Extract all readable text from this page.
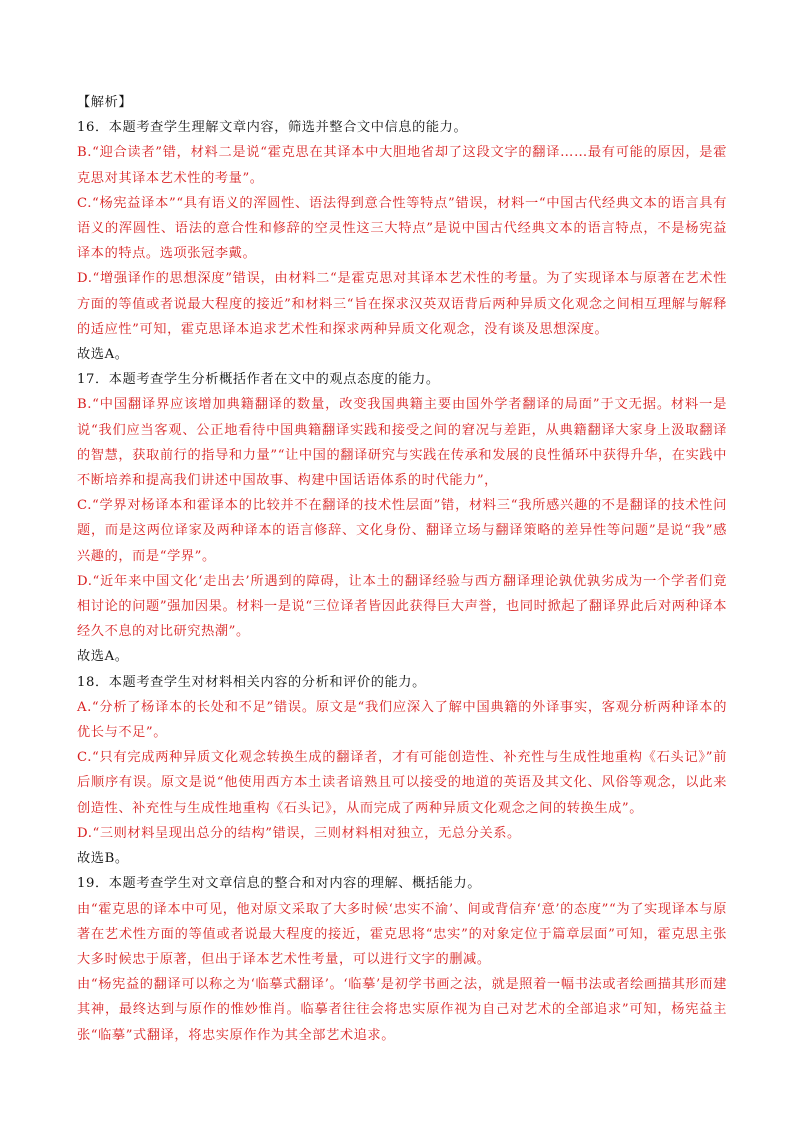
【解析】

16．本题考查学生理解文章内容，筛选并整合文中信息的能力。

B.“迎合读者”错，材料二是说“霍克思在其译本中大胆地省却了这段文字的翻译……最有可能的原因，是霍克思对其译本艺术性的考量”。

C.“杨宪益译本”“具有语义的浑圆性、语法得到意合性等特点”错误，材料一“中国古代经典文本的语言具有语义的浑圆性、语法的意合性和修辞的空灵性这三大特点”是说中国古代经典文本的语言特点，不是杨宪益译本的特点。选项张冠李戴。

D.“增强译作的思想深度”错误，由材料二“是霍克思对其译本艺术性的考量。为了实现译本与原著在艺术性方面的等值或者说最大程度的接近”和材料三“旨在探求汉英双语背后两种异质文化观念之间相互理解与解释的适应性”可知，霍克思译本追求艺术性和探求两种异质文化观念，没有谈及思想深度。

故选A。

17．本题考查学生分析概括作者在文中的观点态度的能力。

B.“中国翻译界应该增加典籍翻译的数量，改变我国典籍主要由国外学者翻译的局面”于文无据。材料一是说“我们应当客观、公正地看待中国典籍翻译实践和接受之间的窘况与差距，从典籍翻译大家身上汲取翻译的智慧，获取前行的指导和力量”“让中国的翻译研究与实践在传承和发展的良性循环中获得升华，在实践中不断培养和提高我们讲述中国故事、构建中国话语体系的时代能力”，

C.“学界对杨译本和霍译本的比较并不在翻译的技术性层面”错，材料三“我所感兴趣的不是翻译的技术性问题，而是这两位译家及两种译本的语言修辞、文化身份、翻译立场与翻译策略的差异性等问题”是说“我”感兴趣的，而是“学界”。

D.“近年来中国文化‘走出去’所遇到的障碍，让本土的翻译经验与西方翻译理论孰优孰劣成为一个学者们竟相讨论的问题”强加因果。材料一是说“三位译者皆因此获得巨大声誉，也同时掀起了翻译界此后对两种译本经久不息的对比研究热潮”。

故选A。

18．本题考查学生对材料相关内容的分析和评价的能力。

A.“分析了杨译本的长处和不足”错误。原文是“我们应深入了解中国典籍的外译事实，客观分析两种译本的优长与不足”。

C.“只有完成两种异质文化观念转换生成的翻译者，才有可能创造性、补充性与生成性地重构《石头记》”前后顺序有误。原文是说“他使用西方本土读者谙熟且可以接受的地道的英语及其文化、风俗等观念，以此来创造性、补充性与生成性地重构《石头记》，从而完成了两种异质文化观念之间的转换生成”。

D.“三则材料呈现出总分的结构”错误，三则材料相对独立，无总分关系。

故选B。

19．本题考查学生对文章信息的整合和对内容的理解、概括能力。

由“霍克思的译本中可见，他对原文采取了大多时候‘忠实不渝’、间或背信弃‘意’的态度”“为了实现译本与原著在艺术性方面的等值或者说最大程度的接近，霍克思将“忠实”的对象定位于篇章层面”可知，霍克思主张大多时候忠于原著，但出于译本艺术性考量，可以进行文字的删减。

由“杨宪益的翻译可以称之为‘临摹式翻译’。‘临摹’是初学书画之法，就是照着一幅书法或者绘画描其形而建其神，最终达到与原作的惟妙惟肖。临摹者往往会将忠实原作视为自己对艺术的全部追求”可知，杨宪益主张“临摹”式翻译，将忠实原作作为其全部艺术追求。
